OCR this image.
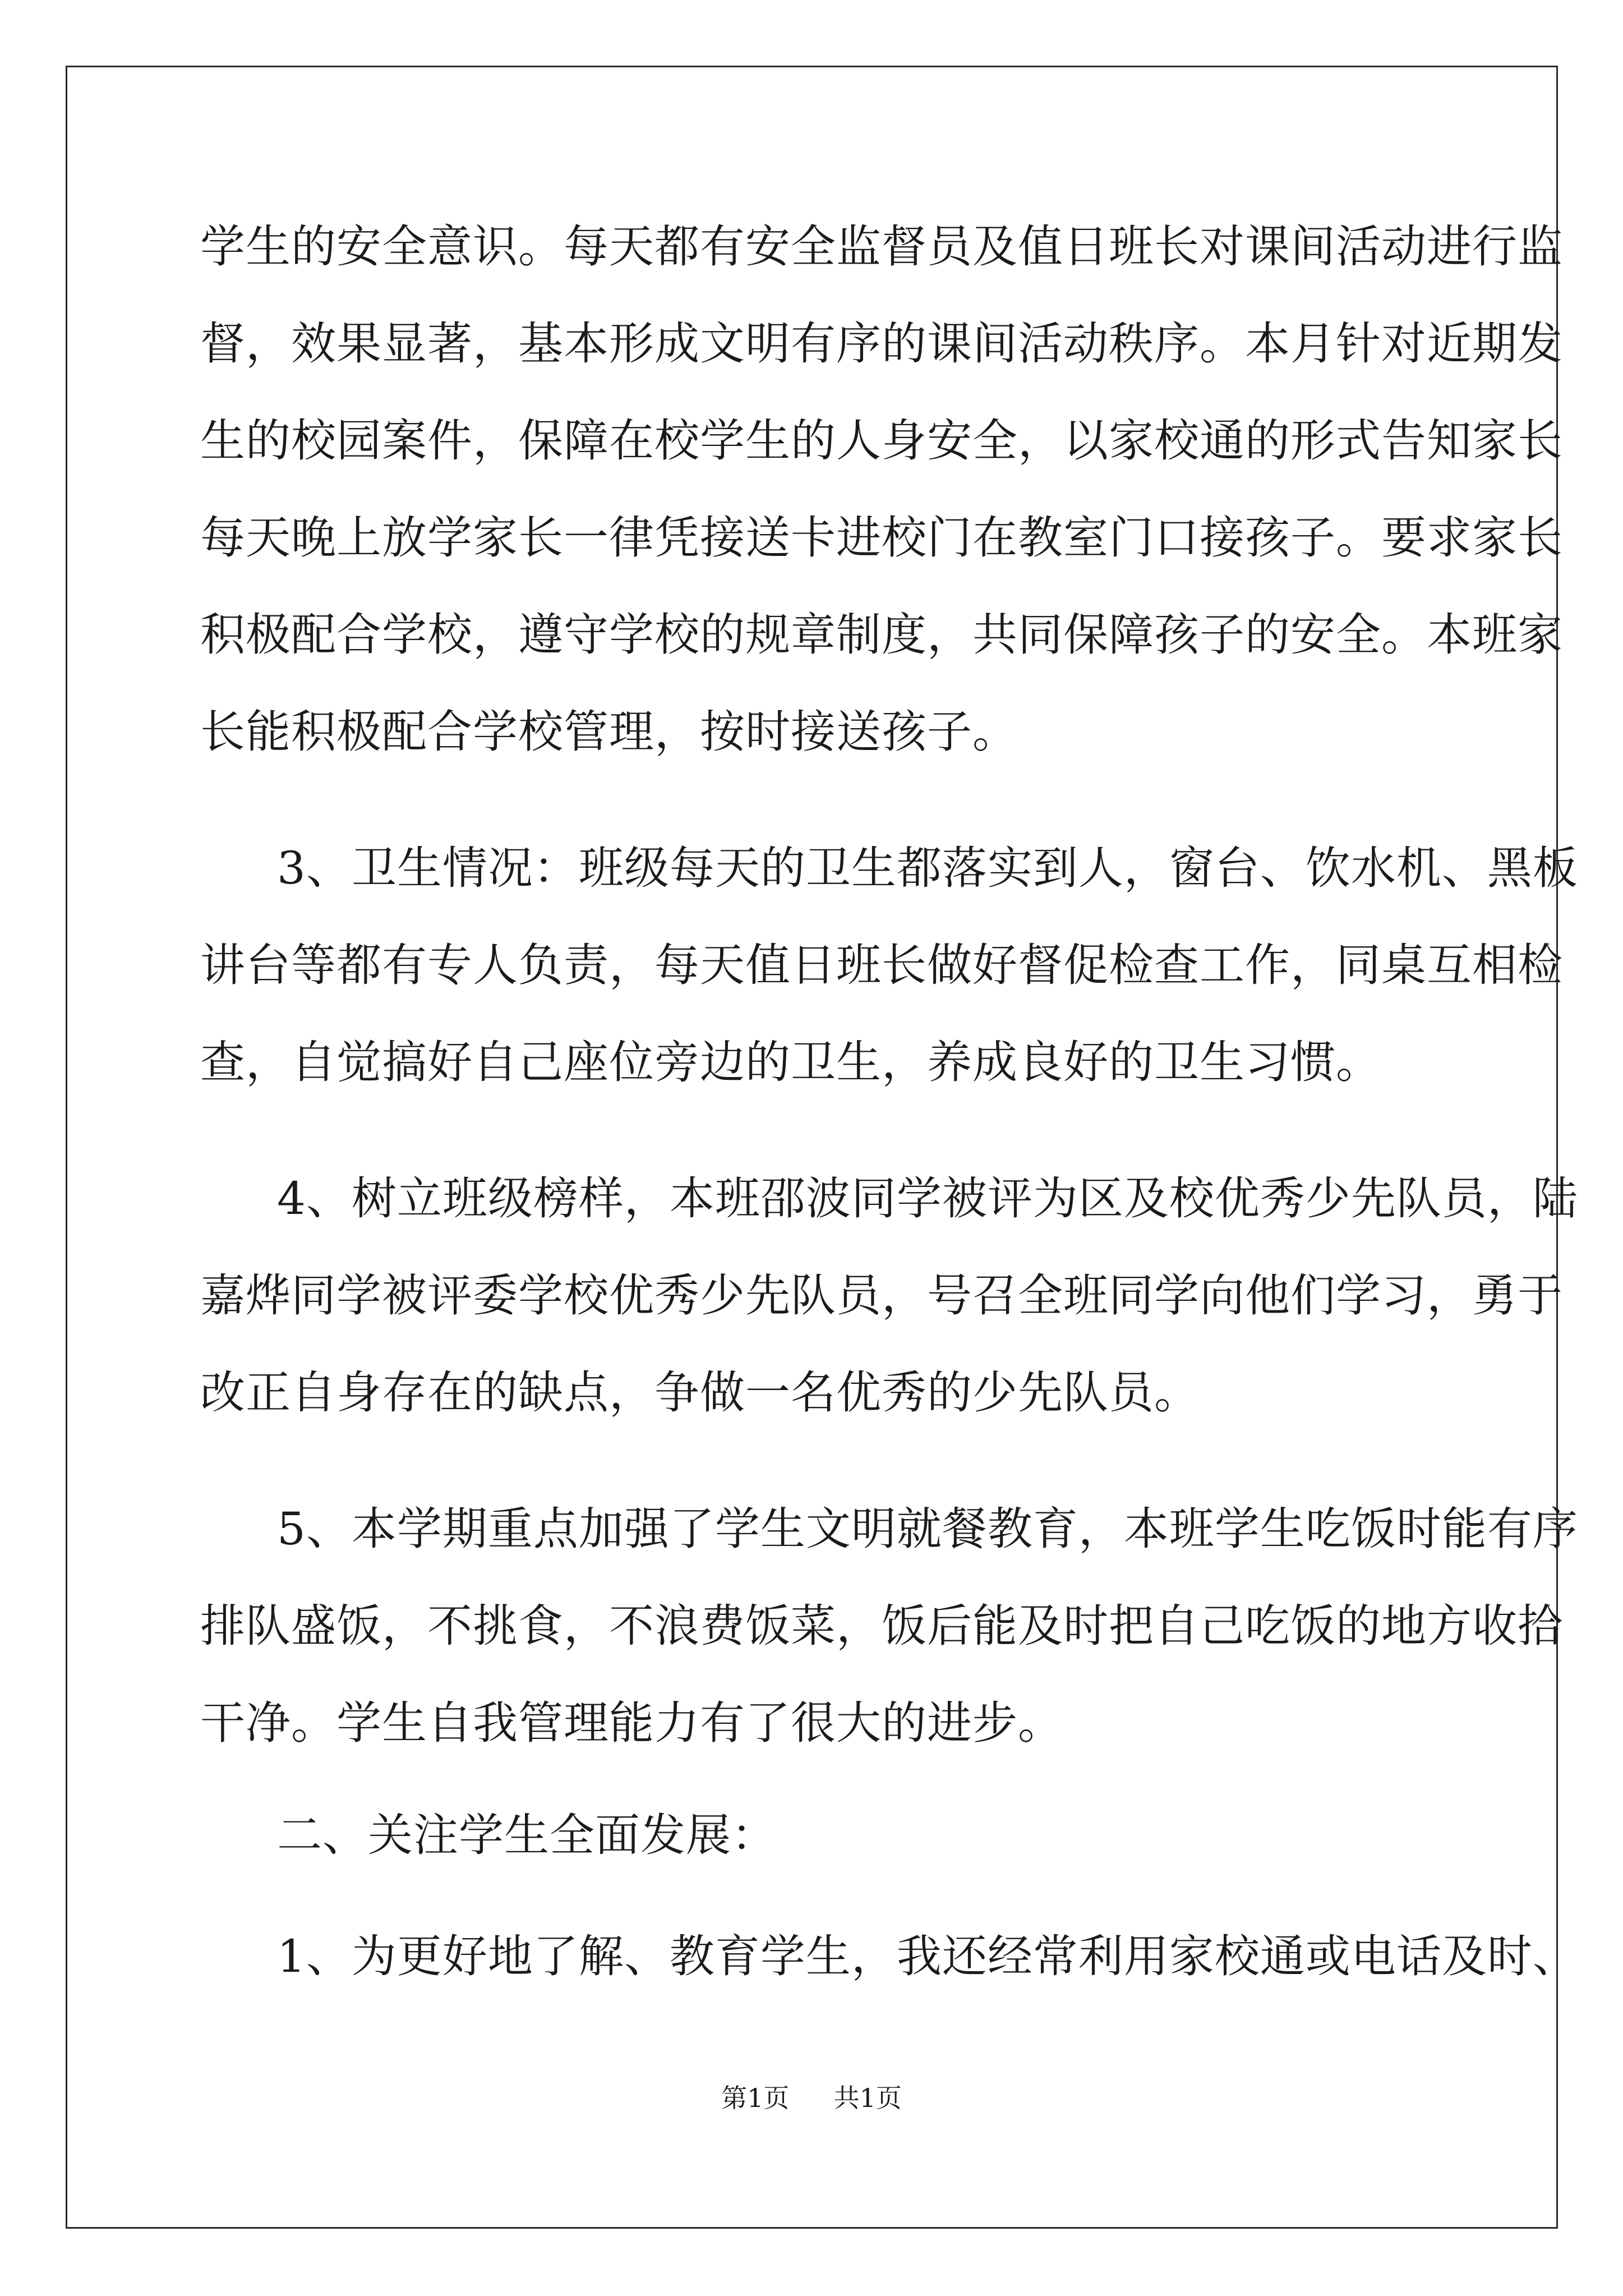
学生的安全意识。每天都有安全监督员及值日班长对课间活动进行监
督，效果显著，基本形成文明有序的课间活动秩序。本月针对近期发
生的校园案件，保障在校学生的人身安全，以家校通的形式告知家长
每天晚上放学家长一律凭接送卡进校门在教室门口接孩子。要求家长
积极配合学校，遵守学校的规章制度，共同保障孩子的安全。本班家
长能积极配合学校管理，按时接送孩子。
3、卫生情况：班级每天的卫生都落实到人，窗台、饮水机、黑板
讲台等都有专人负责，每天值日班长做好督促检查工作，同桌互相检
查，自觉搞好自己座位旁边的卫生，养成良好的卫生习惯。
4、树立班级榜样，本班邵波同学被评为区及校优秀少先队员，陆
嘉烨同学被评委学校优秀少先队员，号召全班同学向他们学习，勇于
改正自身存在的缺点，争做一名优秀的少先队员。
5、本学期重点加强了学生文明就餐教育，本班学生吃饭时能有序
排队盛饭，不挑食，不浪费饭菜，饭后能及时把自己吃饭的地方收拾
干净。学生自我管理能力有了很大的进步。
二、关注学生全面发展：
1、为更好地了解、教育学生，我还经常利用家校通或电话及时、
第1页 共1页
